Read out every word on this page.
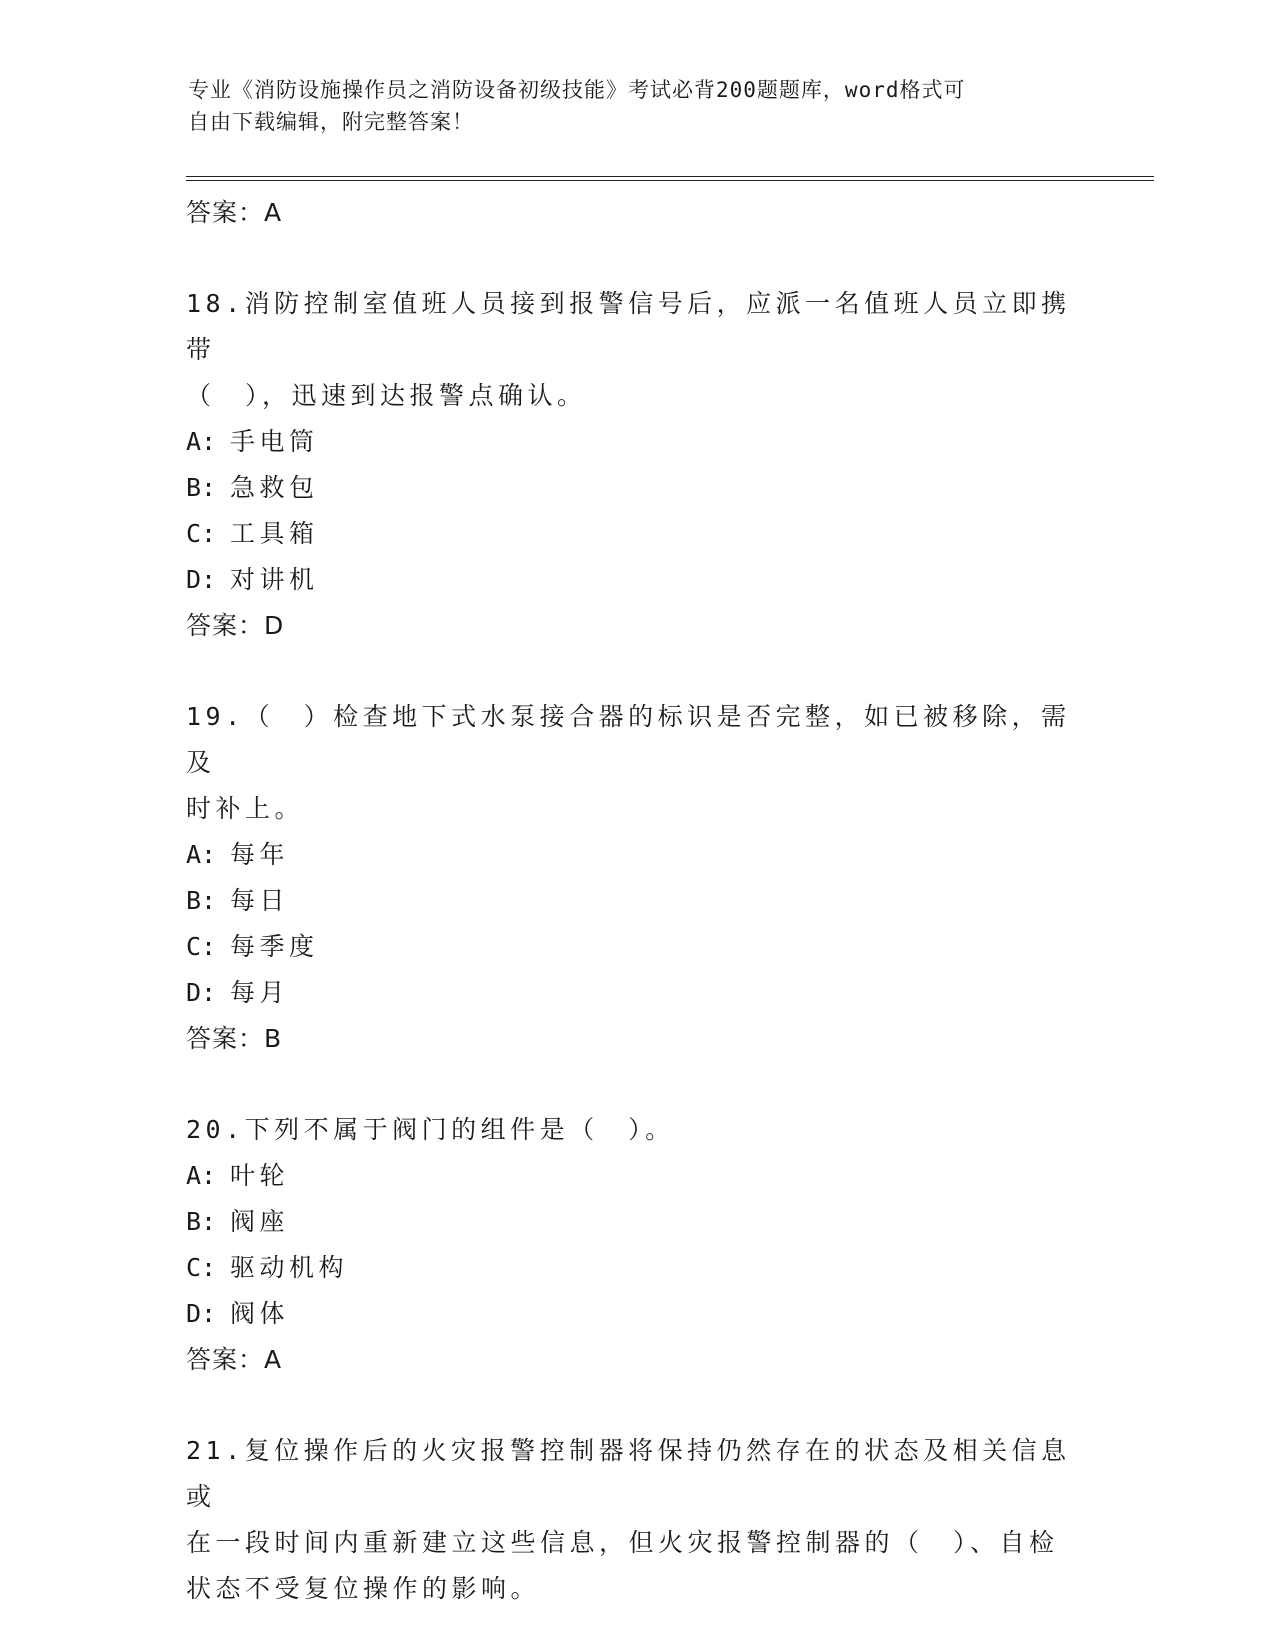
专业《消防设施操作员之消防设备初级技能》考试必背200题题库，word格式可
自由下载编辑，附完整答案！
答案：A
18.消防控制室值班人员接到报警信号后，应派一名值班人员立即携带
（　），迅速到达报警点确认。
A: 手电筒
B: 急救包
C: 工具箱
D: 对讲机
答案：D
19.（　）检查地下式水泵接合器的标识是否完整，如已被移除，需及
时补上。
A: 每年
B: 每日
C: 每季度
D: 每月
答案：B
20.下列不属于阀门的组件是（　）。
A: 叶轮
B: 阀座
C: 驱动机构
D: 阀体
答案：A
21.复位操作后的火灾报警控制器将保持仍然存在的状态及相关信息或
在一段时间内重新建立这些信息，但火灾报警控制器的（　）、自检
状态不受复位操作的影响。
